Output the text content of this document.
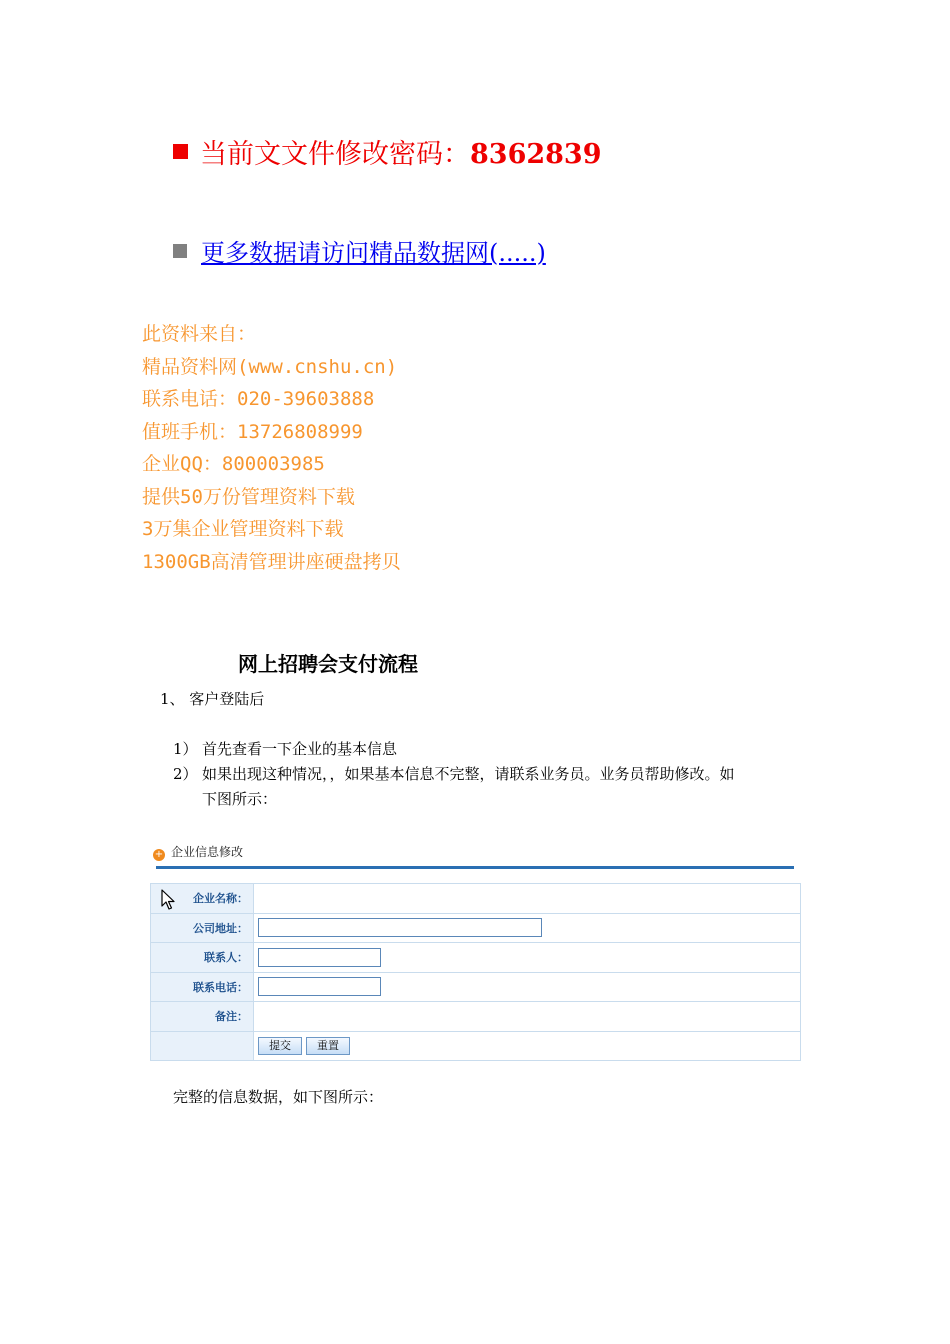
当前文文件修改密码：8362839
更多数据请访问精品数据网(.....)
此资料来自：
精品资料网(www.cnshu.cn)
联系电话：020-39603888
值班手机：13726808999
企业QQ：800003985
提供50万份管理资料下载
3万集企业管理资料下载
1300GB高清管理讲座硬盘拷贝
网上招聘会支付流程
1、 客户登陆后
1） 首先查看一下企业的基本信息
2） 如果出现这种情况，，如果基本信息不完整，请联系业务员。业务员帮助修改。如
下图所示：
+ 企业信息修改
企业名称：	
公司地址：	
联系人：	
联系电话：	
备注：	
	提交 重置
完整的信息数据，如下图所示：
